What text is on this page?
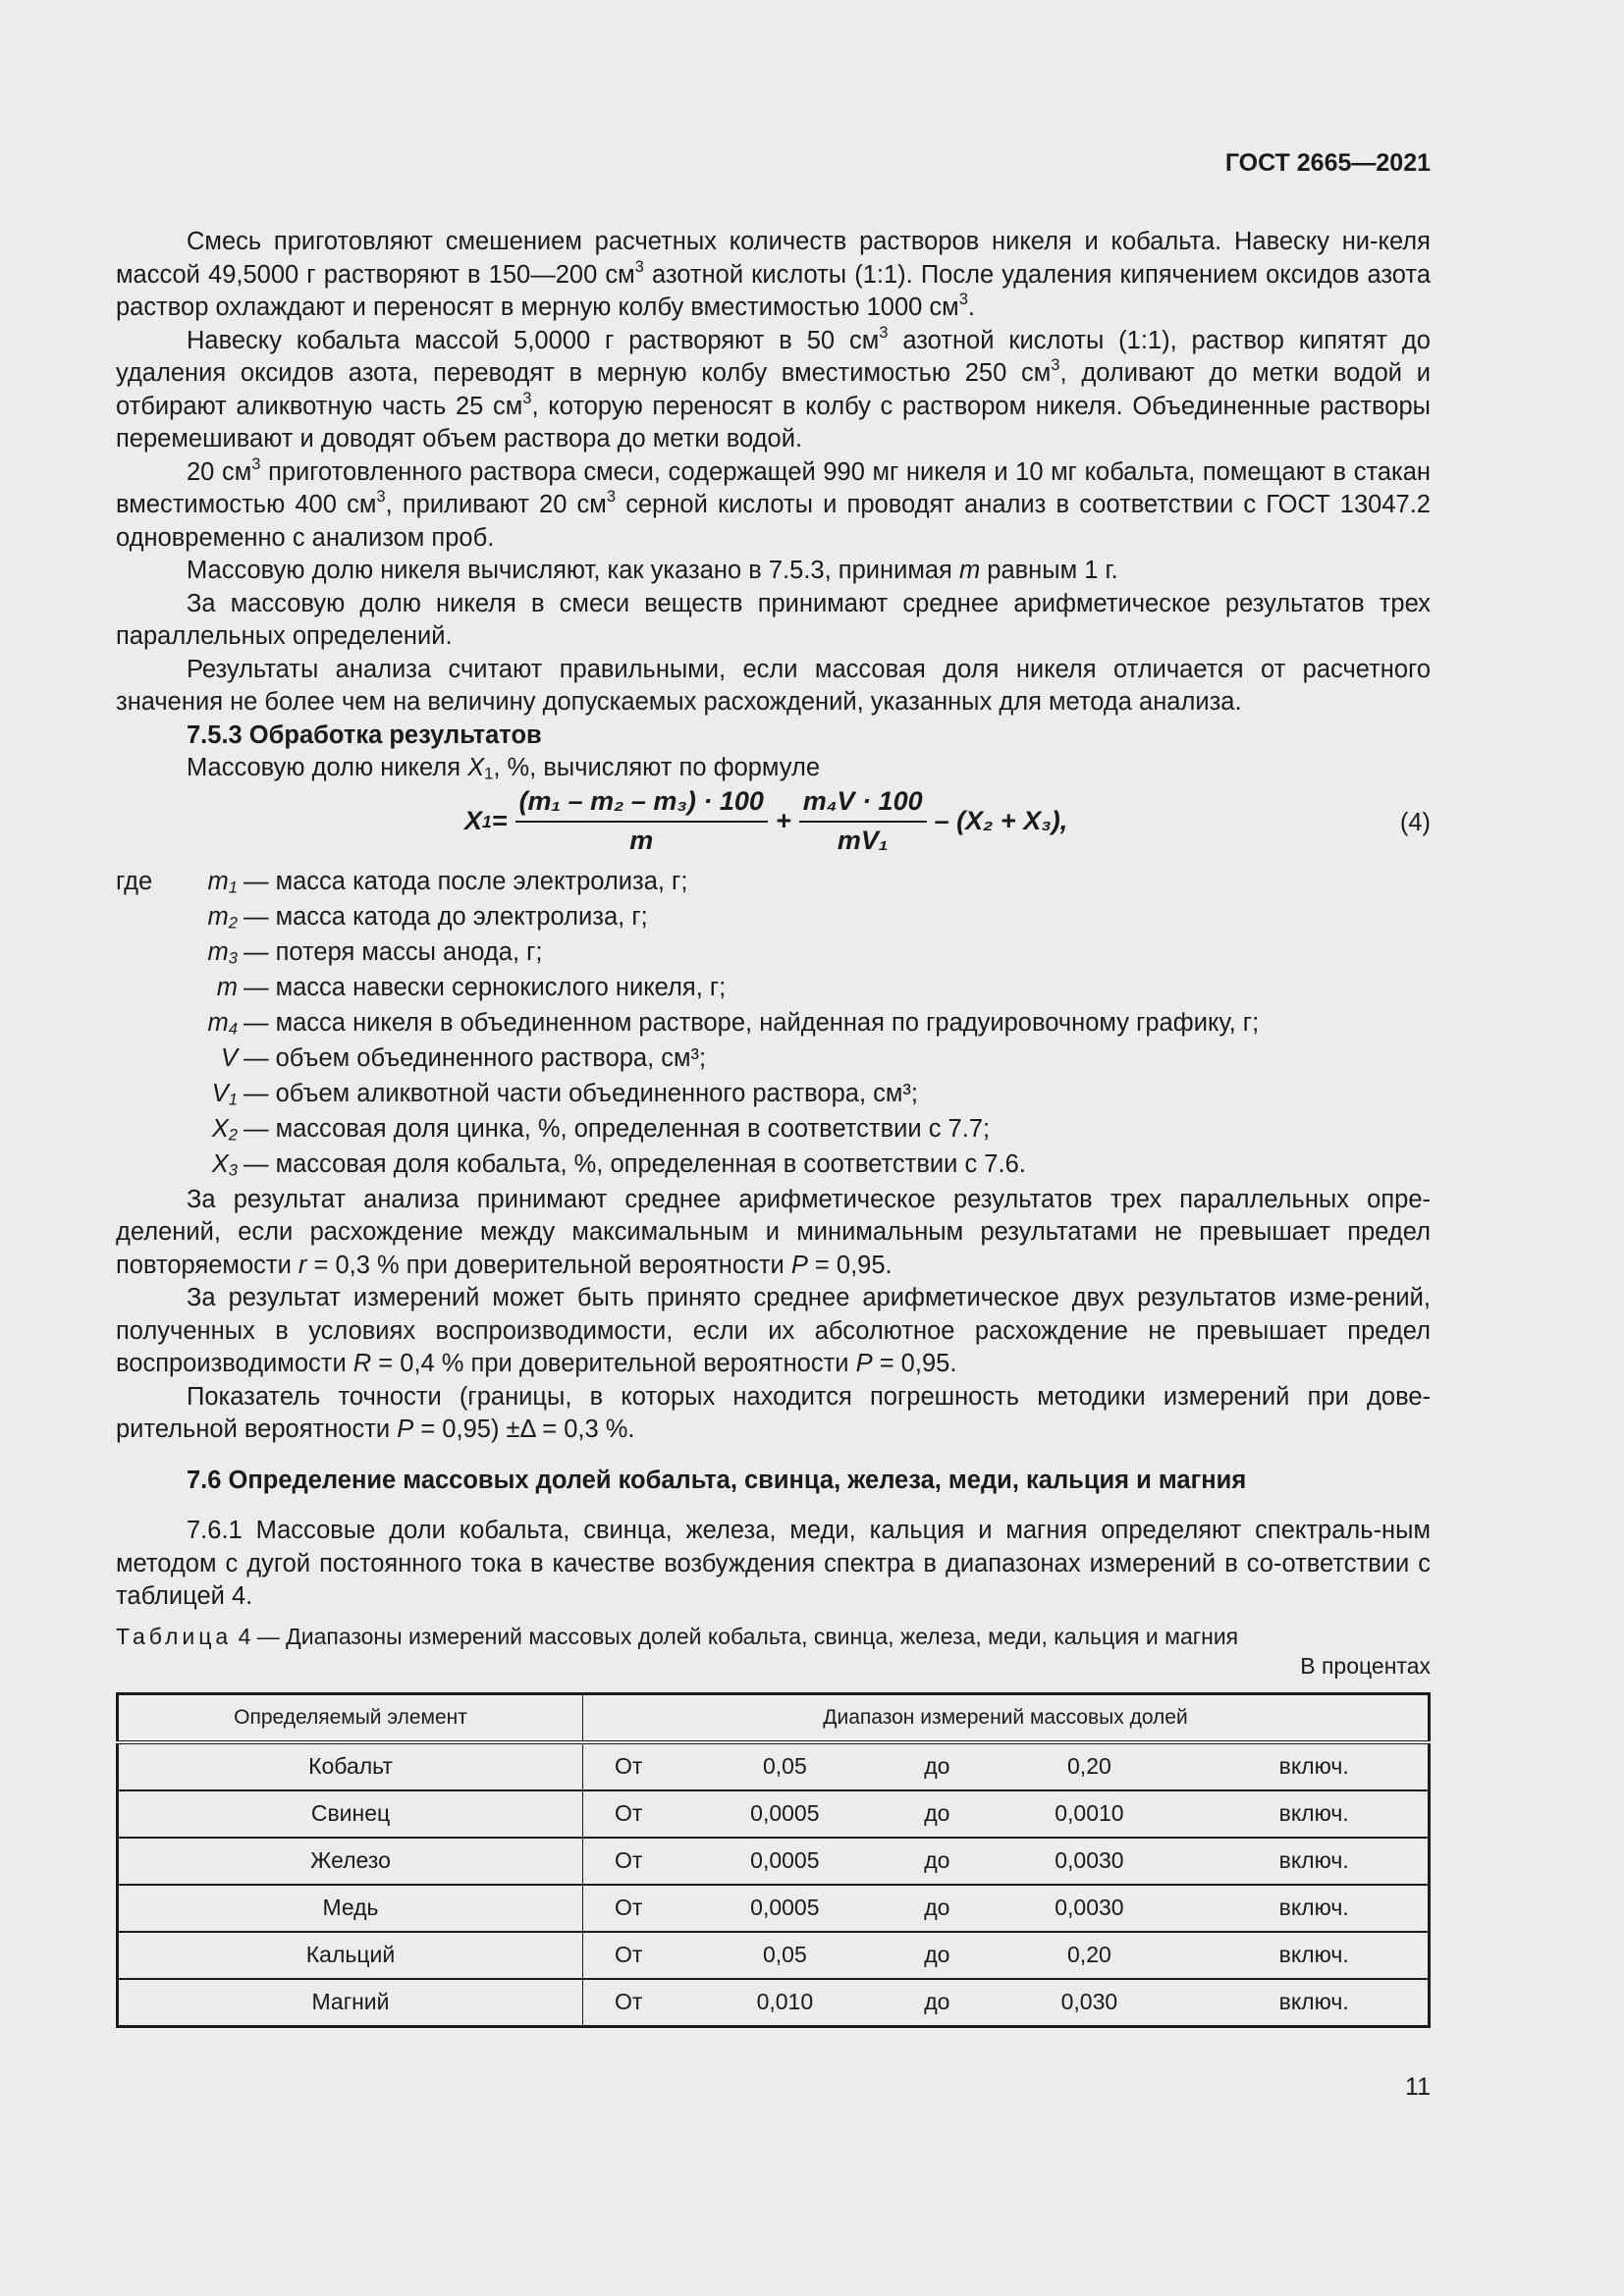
ГОСТ 2665—2021

Смесь приготовляют смешением расчетных количеств растворов никеля и кобальта. Навеску ни-келя массой 49,5000 г растворяют в 150—200 $см^3$ азотной кислоты (1:1). После удаления кипячением оксидов азота раствор охлаждают и переносят в мерную колбу вместимостью 1000 $см^3$.

Навеску кобальта массой 5,0000 г растворяют в 50 $см^3$ азотной кислоты (1:1), раствор кипятят до удаления оксидов азота, переводят в мерную колбу вместимостью 250 $см^3$, доливают до метки водой и отбирают аликвотную часть 25 $см^3$, которую переносят в колбу с раствором никеля. Объединенные растворы перемешивают и доводят объем раствора до метки водой.

20 $см^3$ приготовленного раствора смеси, содержащей 990 мг никеля и 10 мг кобальта, помещают в стакан вместимостью 400 $см^3$, приливают 20 $см^3$ серной кислоты и проводят анализ в соответствии с ГОСТ 13047.2 одновременно с анализом проб.

Массовую долю никеля вычисляют, как указано в 7.5.3, принимая m равным 1 г.

За массовую долю никеля в смеси веществ принимают среднее арифметическое результатов трех параллельных определений.

Результаты анализа считают правильными, если массовая доля никеля отличается от расчетного значения не более чем на величину допускаемых расхождений, указанных для метода анализа.

7.5.3 Обработка результатов

Массовую долю никеля $X_1$, %, вычисляют по формуле

X $1 = \frac{\text{(m₁ – m₂ – m₃) · 100}}{m} + \frac{\text{m₄V · 100}}{\text{mV₁}} - (X_2 + X_3)$,	(4)
где	$m_1$ — масса катода после электролиза, г;
$m_2$ — масса катода до электролиза, г;
$m_3$ — потеря массы анода, г;
m — масса навески сернокислого никеля, г;
$m_4$ — масса никеля в объединенном растворе, найденная по градуировочному графику, г;
V — объем объединенного раствора, см³;
$V_1$ — объем аликвотной части объединенного раствора, см³;
$X_2$ — массовая доля цинка, %, определенная в соответствии с 7.7;
$X_3$ — массовая доля кобальта, %, определенная в соответствии с 7.6.

За результат анализа принимают среднее арифметическое результатов трех параллельных опре-делений, если расхождение между максимальным и минимальным результатами не превышает предел повторяемости r = 0,3 % при доверительной вероятности P = 0,95.

За результат измерений может быть принято среднее арифметическое двух результатов изме-рений, полученных в условиях воспроизводимости, если их абсолютное расхождение не превышает предел воспроизводимости R = 0,4 % при доверительной вероятности P = 0,95.

Показатель точности (границы, в которых находится погрешность методики измерений при дове-рительной вероятности P = 0,95) ±Δ = 0,3 %.

7.6 Определение массовых долей кобальта, свинца, железа, меди, кальция и магния

7.6.1 Массовые доли кобальта, свинца, железа, меди, кальция и магния определяют спектраль-ным методом с дугой постоянного тока в качестве возбуждения спектра в диапазонах измерений в со-ответствии с таблицей 4.

Таблица 4 — Диапазоны измерений массовых долей кобальта, свинца, железа, меди, кальция и магния
В процентах
Определяемый элемент	Диапазон измерений массовых долей				
Кобальт	От	0,05	до	0,20	включ.
Свинец	От	0,0005	до	0,0010	включ.
Железо	От	0,0005	до	0,0030	включ.
Медь	От	0,0005	до	0,0030	включ.
Кальций	От	0,05	до	0,20	включ.
Магний	От	0,010	до	0,030	включ.
11
